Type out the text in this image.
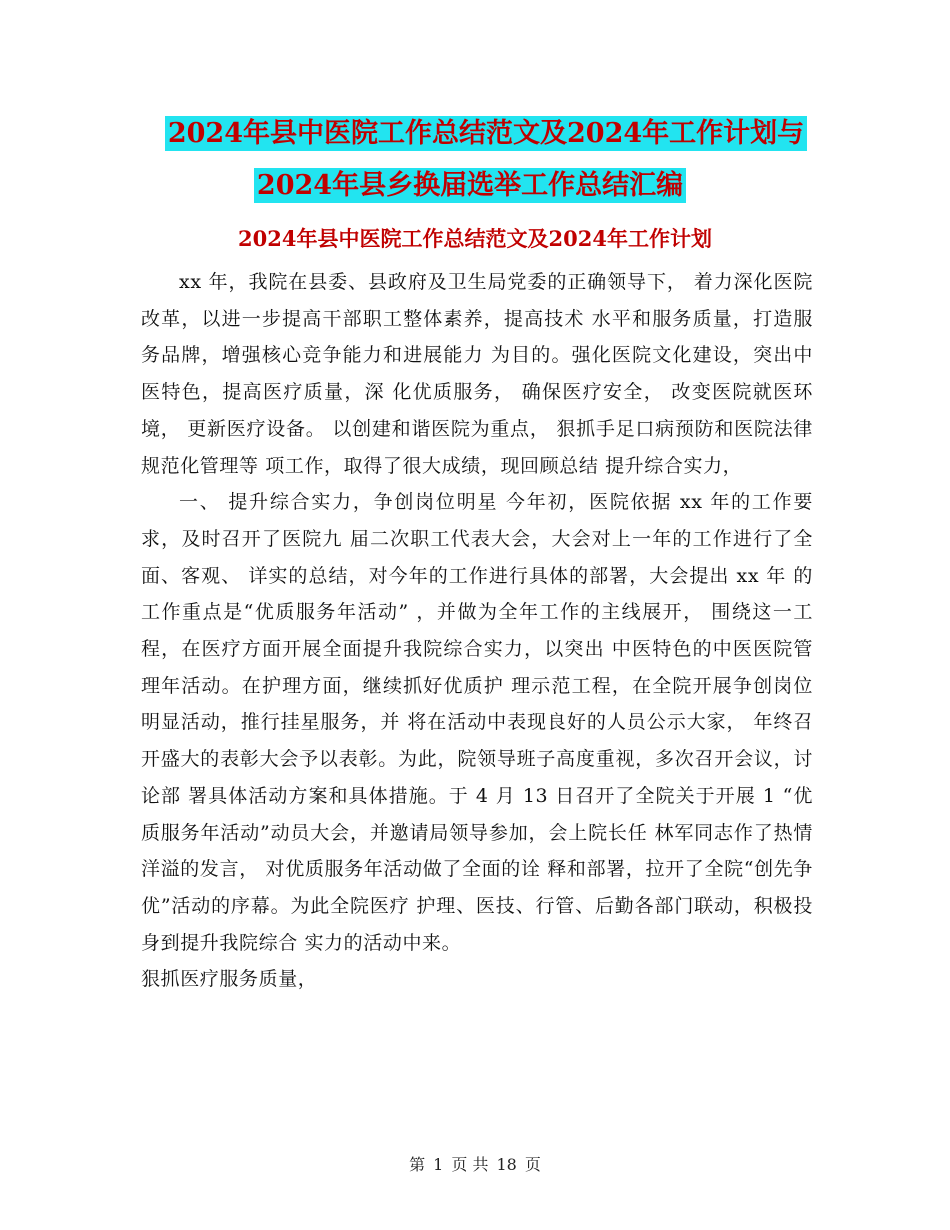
2024年县中医院工作总结范文及2024年工作计划与
2024年县乡换届选举工作总结汇编
2024年县中医院工作总结范文及2024年工作计划

xx 年，我院在县委、县政府及卫生局党委的正确领导下， 着力深化医院改革，以进一步提高干部职工整体素养，提高技术 水平和服务质量，打造服务品牌，增强核心竞争能力和进展能力 为目的。强化医院文化建设，突出中医特色，提高医疗质量，深 化优质服务， 确保医疗安全， 改变医院就医环境， 更新医疗设备。 以创建和谐医院为重点， 狠抓手足口病预防和医院法律规范化管理等 项工作，取得了很大成绩，现回顾总结 提升综合实力，

一、 提升综合实力，争创岗位明星 今年初，医院依据 xx 年的工作要求，及时召开了医院九 届二次职工代表大会，大会对上一年的工作进行了全面、客观、 详实的总结，对今年的工作进行具体的部署，大会提出 xx 年 的工作重点是“优质服务年活动” ，并做为全年工作的主线展开， 围绕这一工程，在医疗方面开展全面提升我院综合实力，以突出 中医特色的中医医院管理年活动。在护理方面，继续抓好优质护 理示范工程，在全院开展争创岗位明显活动，推行挂星服务，并 将在活动中表现良好的人员公示大家， 年终召开盛大的表彰大会予以表彰。为此，院领导班子高度重视，多次召开会议，讨论部 署具体活动方案和具体措施。于 4 月 13 日召开了全院关于开展 1 “优质服务年活动”动员大会，并邀请局领导参加，会上院长任 林军同志作了热情洋溢的发言， 对优质服务年活动做了全面的诠 释和部署，拉开了全院“创先争优”活动的序幕。为此全院医疗 护理、医技、行管、后勤各部门联动，积极投身到提升我院综合 实力的活动中来。

狠抓医疗服务质量，

第 1 页 共 18 页
